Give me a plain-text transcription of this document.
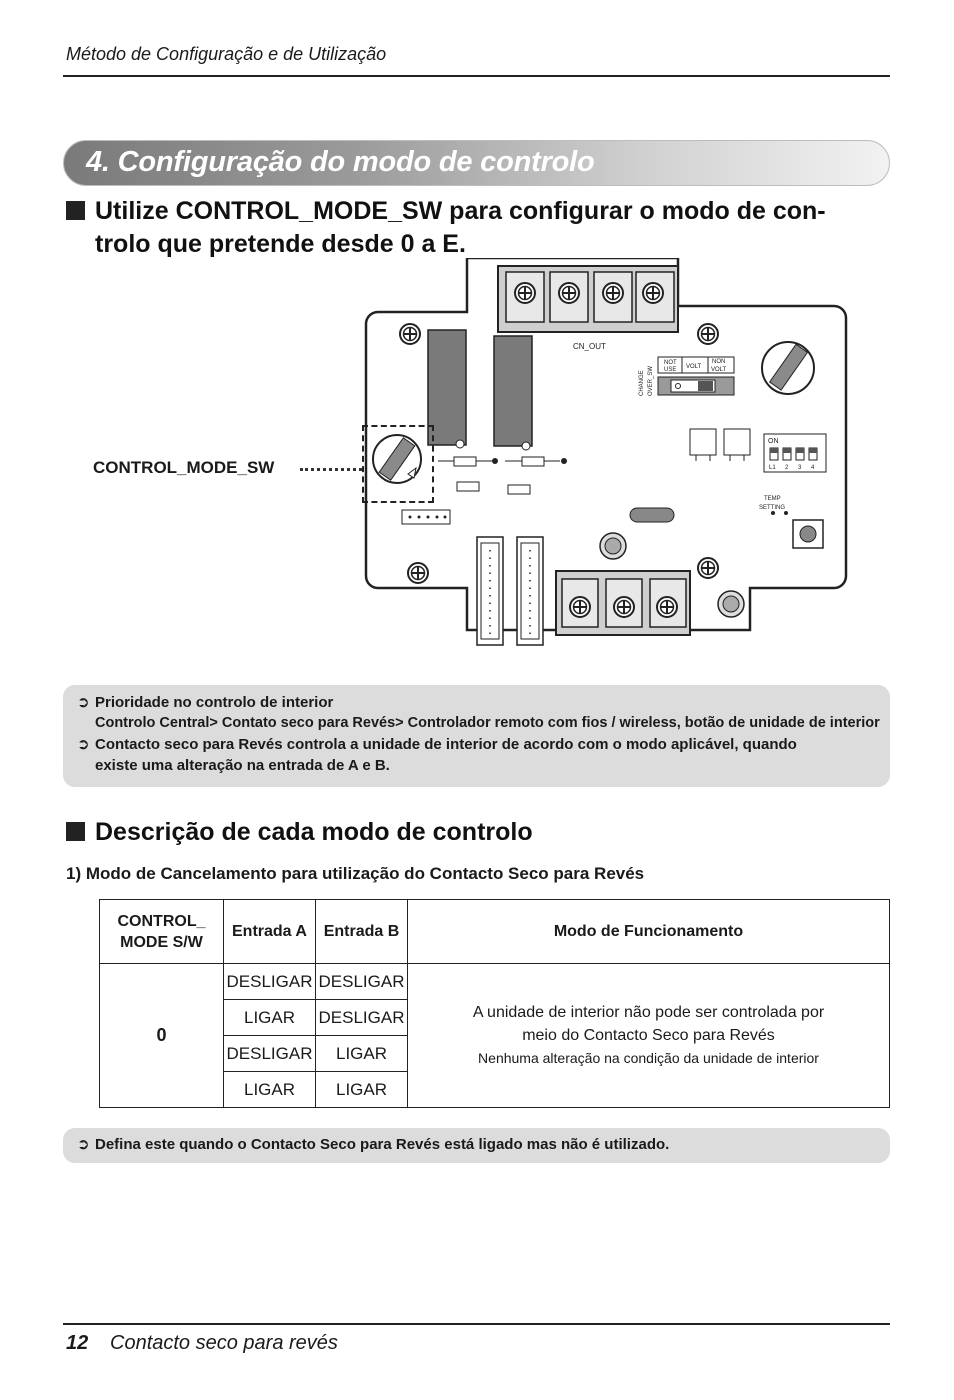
Método de Configuração e de Utilização
4. Configuração do modo de controlo
Utilize CONTROL_MODE_SW para configurar o modo de con-
trolo que pretende desde 0 a E.
CONTROL_MODE_SW
CN_OUT
CHANGE OVER_SW
NOT
USE VOLT
NON
VOLT
ON
L1 2 3 4
TEMP
SETTING
➲ Prioridade no controlo de interior
Controlo Central> Contato seco para Revés> Controlador remoto com fios / wireless, botão de unidade de interior
➲ Contacto seco para Revés controla a unidade de interior de acordo com o modo aplicável, quando
existe uma alteração na entrada de A e B.
Descrição de cada modo de controlo
1) Modo de Cancelamento para utilização do Contacto Seco para Revés
CONTROL_
MODE S/W	Entrada A	Entrada B	Modo de Funcionamento
0	DESLIGAR	DESLIGAR	A unidade de interior não pode ser controlada por
meio do Contacto Seco para Revés
Nenhuma alteração na condição da unidade de interior
	LIGAR	DESLIGAR	
	DESLIGAR	LIGAR	
	LIGAR	LIGAR	
➲ Defina este quando o Contacto Seco para Revés está ligado mas não é utilizado.
12 Contacto seco para revés
